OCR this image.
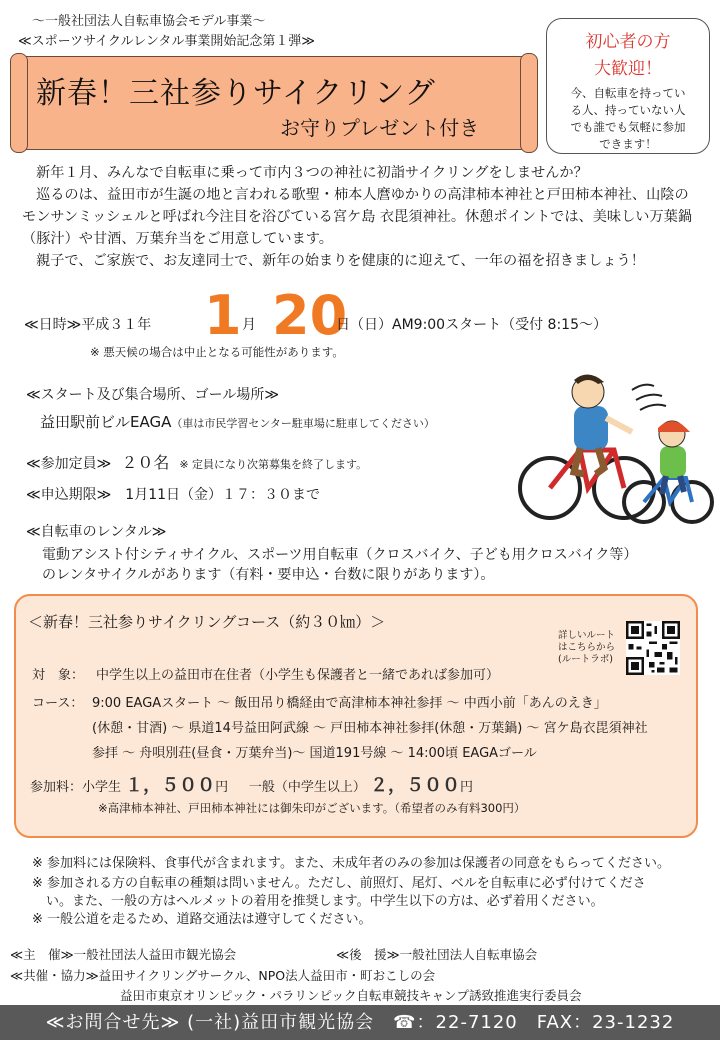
〜一般社団法人自転車協会モデル事業〜
≪スポーツサイクルレンタル事業開始記念第１弾≫
新春！三社参りサイクリング
お守りプレゼント付き
初心者の方
大歓迎！
今、自転車を持ってい
る人、持っていない人
でも誰でも気軽に参加
できます！

新年１月、みんなで自転車に乗って市内３つの神社に初詣サイクリングをしませんか？

巡るのは、益田市が生誕の地と言われる歌聖・柿本人麿ゆかりの高津柿本神社と戸田柿本神社、山陰のモンサンミッシェルと呼ばれ今注目を浴びている宮ケ島 衣毘須神社。休憩ポイントでは、美味しい万葉鍋（豚汁）や甘酒、万葉弁当をご用意しています。

親子で、ご家族で、お友達同士で、新年の始まりを健康的に迎えて、一年の福を招きましょう！

≪日時≫平成３１年 1 月 20
日（日）AM9:00スタート（受付 8:15〜）
※ 悪天候の場合は中止となる可能性があります。
≪スタート及び集合場所、ゴール場所≫
益田駅前ビルEAGA（車は市民学習センター駐車場に駐車してください）
≪参加定員≫ ２０名 ※ 定員になり次第募集を終了します。
≪申込期限≫　1月11日（金）１７：３０まで
≪自転車のレンタル≫
電動アシスト付シティサイクル、スポーツ用自転車（クロスバイク、子ども用クロスバイク等）
のレンタサイクルがあります（有料・要申込・台数に限りがあります）。
＜新春！三社参りサイクリングコース（約３０㎞）＞
詳しいルート
はこちらから
(ルートラボ)
対　象： 中学生以上の益田市在住者（小学生も保護者と一緒であれば参加可）
コース： 9:00 EAGAスタート 〜 飯田吊り橋経由で高津柿本神社参拝 〜 中西小前「あんのえき」
(休憩・甘酒) 〜 県道14号益田阿武線 〜 戸田柿本神社参拝(休憩・万葉鍋) 〜 宮ケ島衣毘須神社
参拝 〜 舟唄別荘(昼食・万葉弁当)〜 国道191号線 〜 14:00頃 EAGAゴール
参加料：小学生 １，５００円 一般（中学生以上） ２，５００円
※高津柿本神社、戸田柿本神社には御朱印がございます。（希望者のみ有料300円）
※ 参加料には保険料、食事代が含まれます。また、未成年者のみの参加は保護者の同意をもらってください。
※ 参加される方の自転車の種類は問いません。ただし、前照灯、尾灯、ベルを自転車に必ず付けてくださ
い。また、一般の方はヘルメットの着用を推奨します。中学生以下の方は、必ず着用ください。
※ 一般公道を走るため、道路交通法は遵守してください。
≪主　催≫一般社団法人益田市観光協会	≪後　援≫一般社団法人自転車協会
≪共催・協力≫益田サイクリングサークル、NPO法人益田市・町おこしの会
益田市東京オリンピック・パラリンピック自転車競技キャンプ誘致推進実行委員会
≪お問合せ先≫ (一社)益田市観光協会　☎：22-7120　FAX：23-1232
